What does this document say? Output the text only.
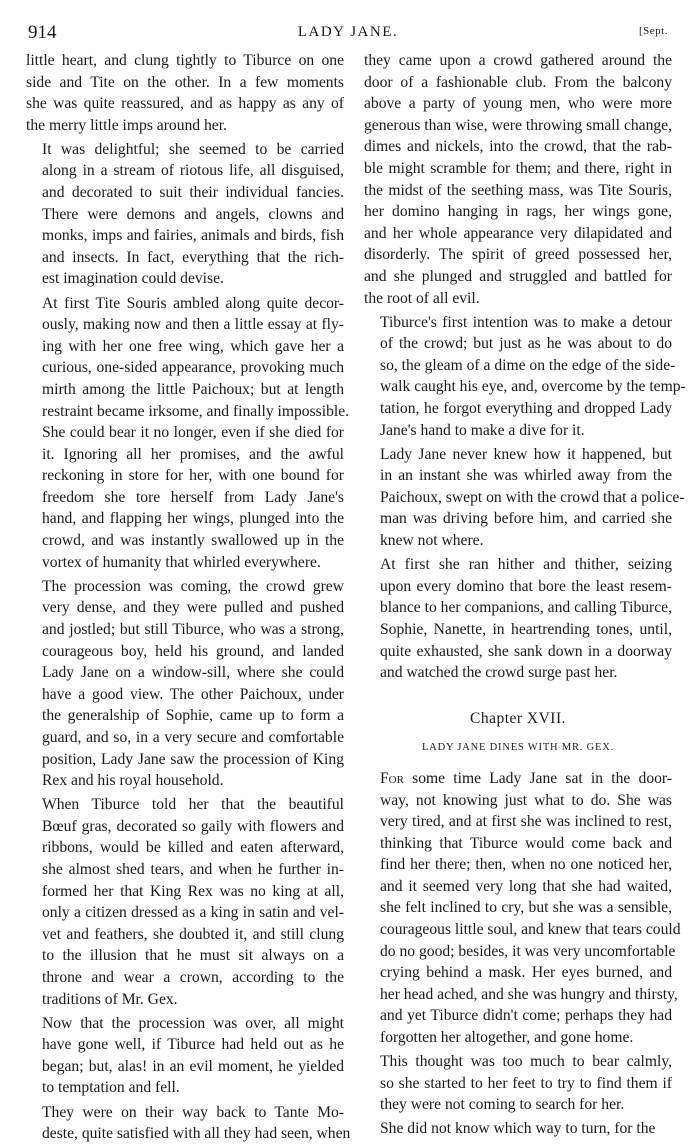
914	LADY JANE.	[Sept.

little heart, and clung tightly to Tiburce on one
side and Tite on the other. In a few moments
she was quite reassured, and as happy as any of
the merry little imps around her.

It was delightful; she seemed to be carried
along in a stream of riotous life, all disguised,
and decorated to suit their individual fancies.
There were demons and angels, clowns and
monks, imps and fairies, animals and birds, fish
and insects. In fact, everything that the rich-
est imagination could devise.

At first Tite Souris ambled along quite decor-
ously, making now and then a little essay at fly-
ing with her one free wing, which gave her a
curious, one-sided appearance, provoking much
mirth among the little Paichoux; but at length
restraint became irksome, and finally impossible.
She could bear it no longer, even if she died for
it. Ignoring all her promises, and the awful
reckoning in store for her, with one bound for
freedom she tore herself from Lady Jane's
hand, and flapping her wings, plunged into the
crowd, and was instantly swallowed up in the
vortex of humanity that whirled everywhere.

The procession was coming, the crowd grew
very dense, and they were pulled and pushed
and jostled; but still Tiburce, who was a strong,
courageous boy, held his ground, and landed
Lady Jane on a window-sill, where she could
have a good view. The other Paichoux, under
the generalship of Sophie, came up to form a
guard, and so, in a very secure and comfortable
position, Lady Jane saw the procession of King
Rex and his royal household.

When Tiburce told her that the beautiful
Bœuf gras, decorated so gaily with flowers and
ribbons, would be killed and eaten afterward,
she almost shed tears, and when he further in-
formed her that King Rex was no king at all,
only a citizen dressed as a king in satin and vel-
vet and feathers, she doubted it, and still clung
to the illusion that he must sit always on a
throne and wear a crown, according to the
traditions of Mr. Gex.

Now that the procession was over, all might
have gone well, if Tiburce had held out as he
began; but, alas! in an evil moment, he yielded
to temptation and fell.

They were on their way back to Tante Mo-
deste, quite satisfied with all they had seen, when

they came upon a crowd gathered around the
door of a fashionable club. From the balcony
above a party of young men, who were more
generous than wise, were throwing small change,
dimes and nickels, into the crowd, that the rab-
ble might scramble for them; and there, right in
the midst of the seething mass, was Tite Souris,
her domino hanging in rags, her wings gone,
and her whole appearance very dilapidated and
disorderly. The spirit of greed possessed her,
and she plunged and struggled and battled for
the root of all evil.

Tiburce's first intention was to make a detour
of the crowd; but just as he was about to do
so, the gleam of a dime on the edge of the side-
walk caught his eye, and, overcome by the temp-
tation, he forgot everything and dropped Lady
Jane's hand to make a dive for it.

Lady Jane never knew how it happened, but
in an instant she was whirled away from the
Paichoux, swept on with the crowd that a police-
man was driving before him, and carried she
knew not where.

At first she ran hither and thither, seizing
upon every domino that bore the least resem-
blance to her companions, and calling Tiburce,
Sophie, Nanette, in heartrending tones, until,
quite exhausted, she sank down in a doorway
and watched the crowd surge past her.

Chapter XVII.
LADY JANE DINES WITH MR. GEX.

For some time Lady Jane sat in the door-
way, not knowing just what to do. She was
very tired, and at first she was inclined to rest,
thinking that Tiburce would come back and
find her there; then, when no one noticed her,
and it seemed very long that she had waited,
she felt inclined to cry, but she was a sensible,
courageous little soul, and knew that tears could
do no good; besides, it was very uncomfortable
crying behind a mask. Her eyes burned, and
her head ached, and she was hungry and thirsty,
and yet Tiburce didn't come; perhaps they had
forgotten her altogether, and gone home.

This thought was too much to bear calmly,
so she started to her feet to try to find them if
they were not coming to search for her.

She did not know which way to turn, for the
